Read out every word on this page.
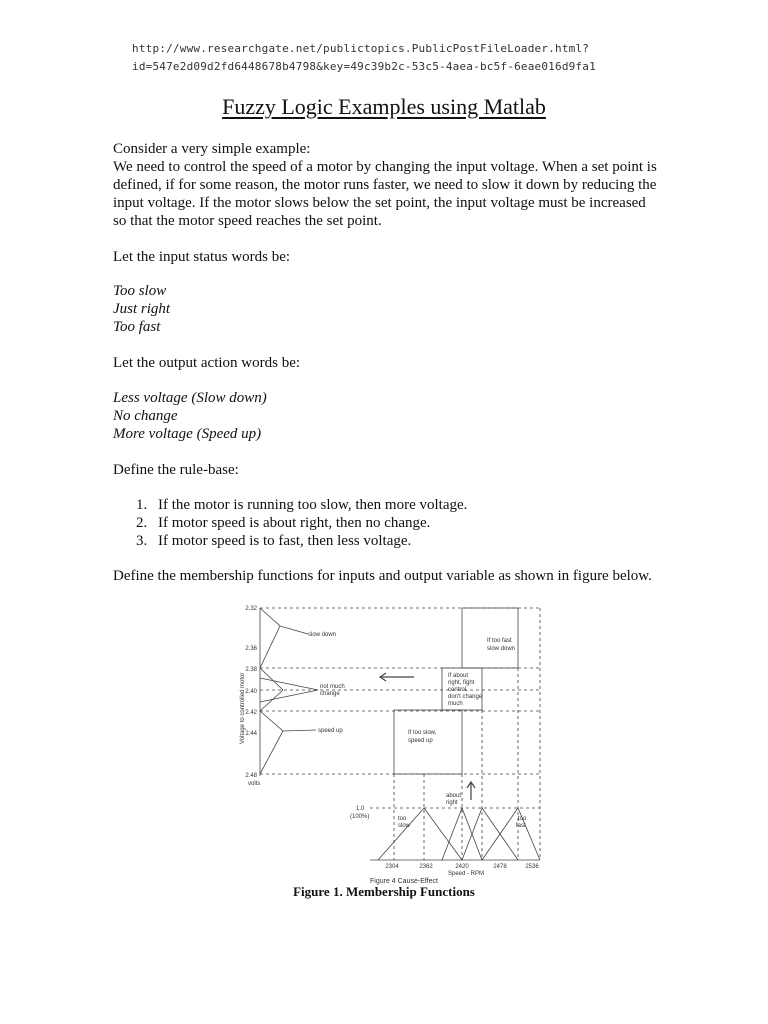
http://www.researchgate.net/publictopics.PublicPostFileLoader.html?
id=547e2d09d2fd6448678b4798&key=49c39b2c-53c5-4aea-bc5f-6eae016d9fa1
Fuzzy Logic Examples using Matlab
Consider a very simple example:
We need to control the speed of a motor by changing the input voltage. When a set point is defined, if for some reason, the motor runs faster, we need to slow it down by reducing the input voltage. If the motor slows below the set point, the input voltage must be increased so that the motor speed reaches the set point.
Let the input status words be:
Too slow
Just right
Too fast
Let the output action words be:
Less voltage (Slow down)
No change
More voltage (Speed up)
Define the rule-base:
1. If the motor is running too slow, then more voltage.
2. If motor speed is about right, then no change.
3. If motor speed is to fast, then less voltage.
Define the membership functions for inputs and output variable as shown in figure below.
2.32
2.36
2.38
2.40
2.42
2.44
2.48
volts
Voltage to controlled motor
slow down
not much
change
speed up
If too fast
slow down
If about
right, fight
control,
don't change
much
If too slow,
speed up
about
right
too
slow
too
fast
1.0
(100%)
2304	2362	2420	2478	2536
Speed - RPM
Figure 4 Cause-Effect
Figure 1. Membership Functions
